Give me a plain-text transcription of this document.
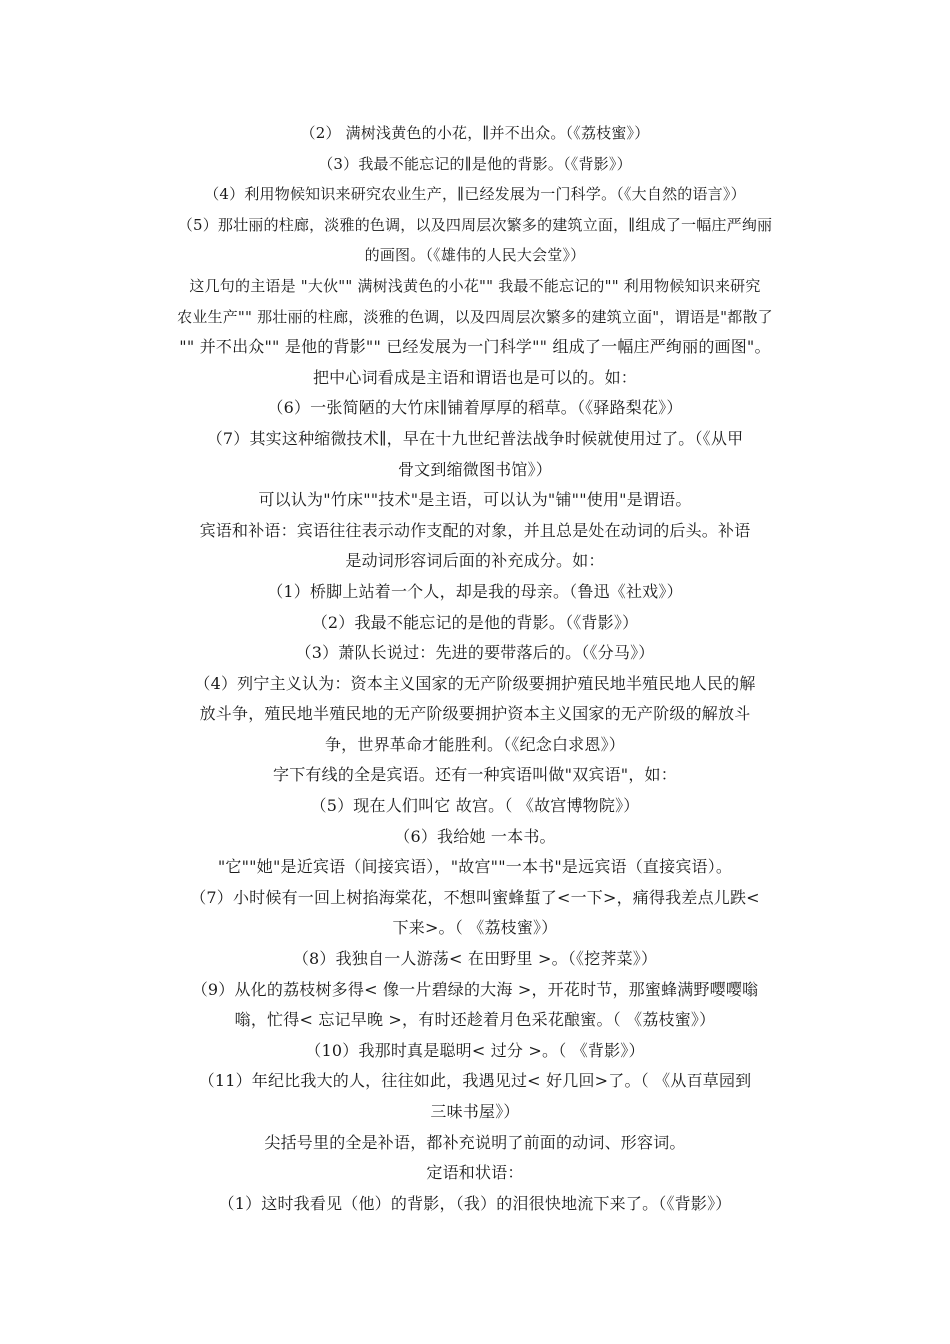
（2） 满树浅黄色的小花，∥并不出众。（《荔枝蜜》）
（3）我最不能忘记的∥是他的背影。（《背影》）
（4）利用物候知识来研究农业生产，∥已经发展为一门科学。（《大自然的语言》）
（5）那壮丽的柱廊，淡雅的色调，以及四周层次繁多的建筑立面，∥组成了一幅庄严绚丽
的画图。（《雄伟的人民大会堂》）
这几句的主语是 "大伙"" 满树浅黄色的小花"" 我最不能忘记的"" 利用物候知识来研究
农业生产"" 那壮丽的柱廊，淡雅的色调，以及四周层次繁多的建筑立面"，谓语是"都散了
"" 并不出众"" 是他的背影"" 已经发展为一门科学"" 组成了一幅庄严绚丽的画图"。
把中心词看成是主语和谓语也是可以的。如：
（6）一张简陋的大竹床∥铺着厚厚的稻草。（《驿路梨花》）
（7）其实这种缩微技术∥，早在十九世纪普法战争时候就使用过了。（《从甲
骨文到缩微图书馆》）
可以认为"竹床""技术"是主语，可以认为"铺""使用"是谓语。
宾语和补语：宾语往往表示动作支配的对象，并且总是处在动词的后头。补语
是动词形容词后面的补充成分。如：
（1）桥脚上站着一个人，却是我的母亲。（鲁迅《社戏》）
（2）我最不能忘记的是他的背影。（《背影》）
（3）萧队长说过：先进的要带落后的。（《分马》）
（4）列宁主义认为：资本主义国家的无产阶级要拥护殖民地半殖民地人民的解
放斗争，殖民地半殖民地的无产阶级要拥护资本主义国家的无产阶级的解放斗
争，世界革命才能胜利。（《纪念白求恩》）
字下有线的全是宾语。还有一种宾语叫做"双宾语"，如：
（5）现在人们叫它 故宫。（ 《故宫博物院》）
（6）我给她 一本书。
"它""她"是近宾语（间接宾语），"故宫""一本书"是远宾语（直接宾语）。
（7）小时候有一回上树掐海棠花，不想叫蜜蜂蜇了<一下>，痛得我差点儿跌<
下来>。（ 《荔枝蜜》）
（8）我独自一人游荡< 在田野里 >。（《挖荠菜》）
（9）从化的荔枝树多得< 像一片碧绿的大海 >，开花时节，那蜜蜂满野嘤嘤嗡
嗡，忙得< 忘记早晚 >，有时还趁着月色采花酿蜜。（ 《荔枝蜜》）
（10）我那时真是聪明< 过分 >。（ 《背影》）
（11）年纪比我大的人，往往如此，我遇见过< 好几回>了。（ 《从百草园到
三味书屋》）
尖括号里的全是补语，都补充说明了前面的动词、形容词。
定语和状语：
（1）这时我看见（他）的背影，（我）的泪很快地流下来了。（《背影》）
